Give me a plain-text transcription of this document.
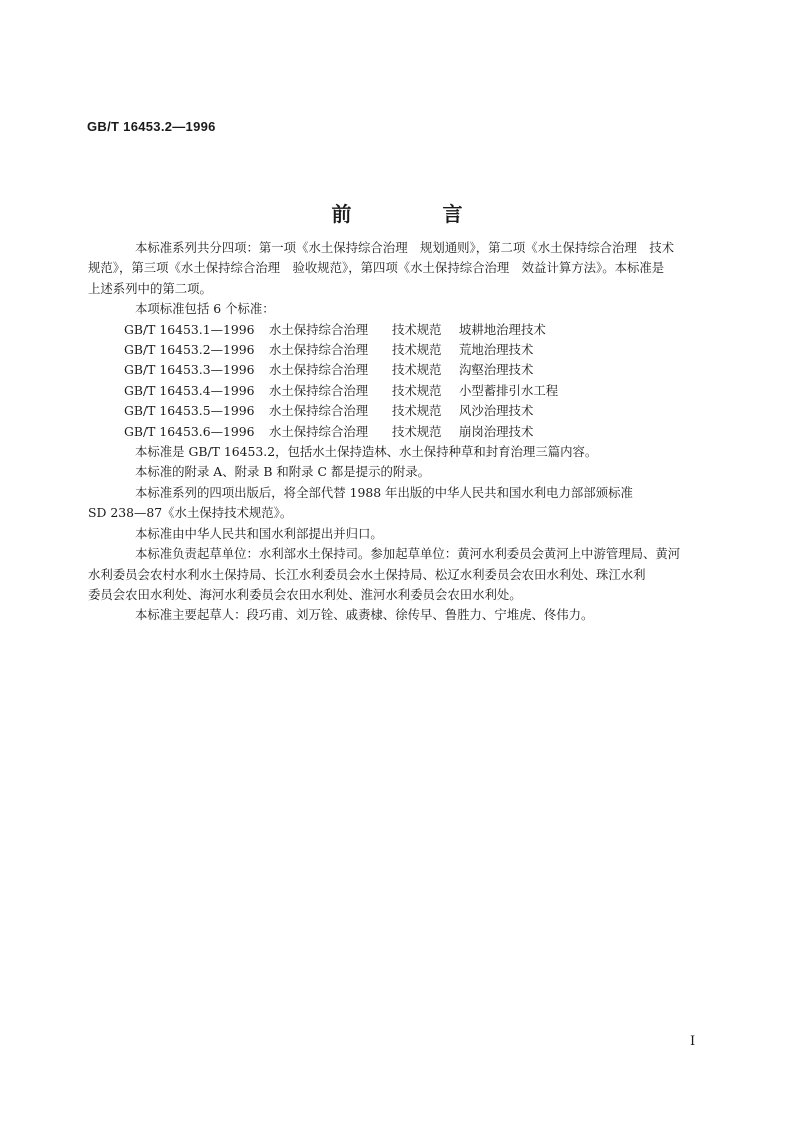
GB/T 16453.2—1996
前 言
本标准系列共分四项：第一项《水土保持综合治理　规划通则》，第二项《水土保持综合治理　技术
规范》，第三项《水土保持综合治理　验收规范》，第四项《水土保持综合治理　效益计算方法》。本标准是
上述系列中的第二项。
本项标准包括 6 个标准：
GB/T 16453.1—1996	水土保持综合治理	技术规范	坡耕地治理技术
GB/T 16453.2—1996	水土保持综合治理	技术规范	荒地治理技术
GB/T 16453.3—1996	水土保持综合治理	技术规范	沟壑治理技术
GB/T 16453.4—1996	水土保持综合治理	技术规范	小型蓄排引水工程
GB/T 16453.5—1996	水土保持综合治理	技术规范	风沙治理技术
GB/T 16453.6—1996	水土保持综合治理	技术规范	崩岗治理技术
本标准是 GB/T 16453.2，包括水土保持造林、水土保持种草和封育治理三篇内容。
本标准的附录 A、附录 B 和附录 C 都是提示的附录。
本标准系列的四项出版后，将全部代替 1988 年出版的中华人民共和国水利电力部部颁标准
SD 238—87《水土保持技术规范》。
本标准由中华人民共和国水利部提出并归口。
本标准负责起草单位：水利部水土保持司。参加起草单位：黄河水利委员会黄河上中游管理局、黄河
水利委员会农村水利水土保持局、长江水利委员会水土保持局、松辽水利委员会农田水利处、珠江水利
委员会农田水利处、海河水利委员会农田水利处、淮河水利委员会农田水利处。
本标准主要起草人：段巧甫、刘万铨、戚赉棣、徐传早、鲁胜力、宁堆虎、佟伟力。
I
